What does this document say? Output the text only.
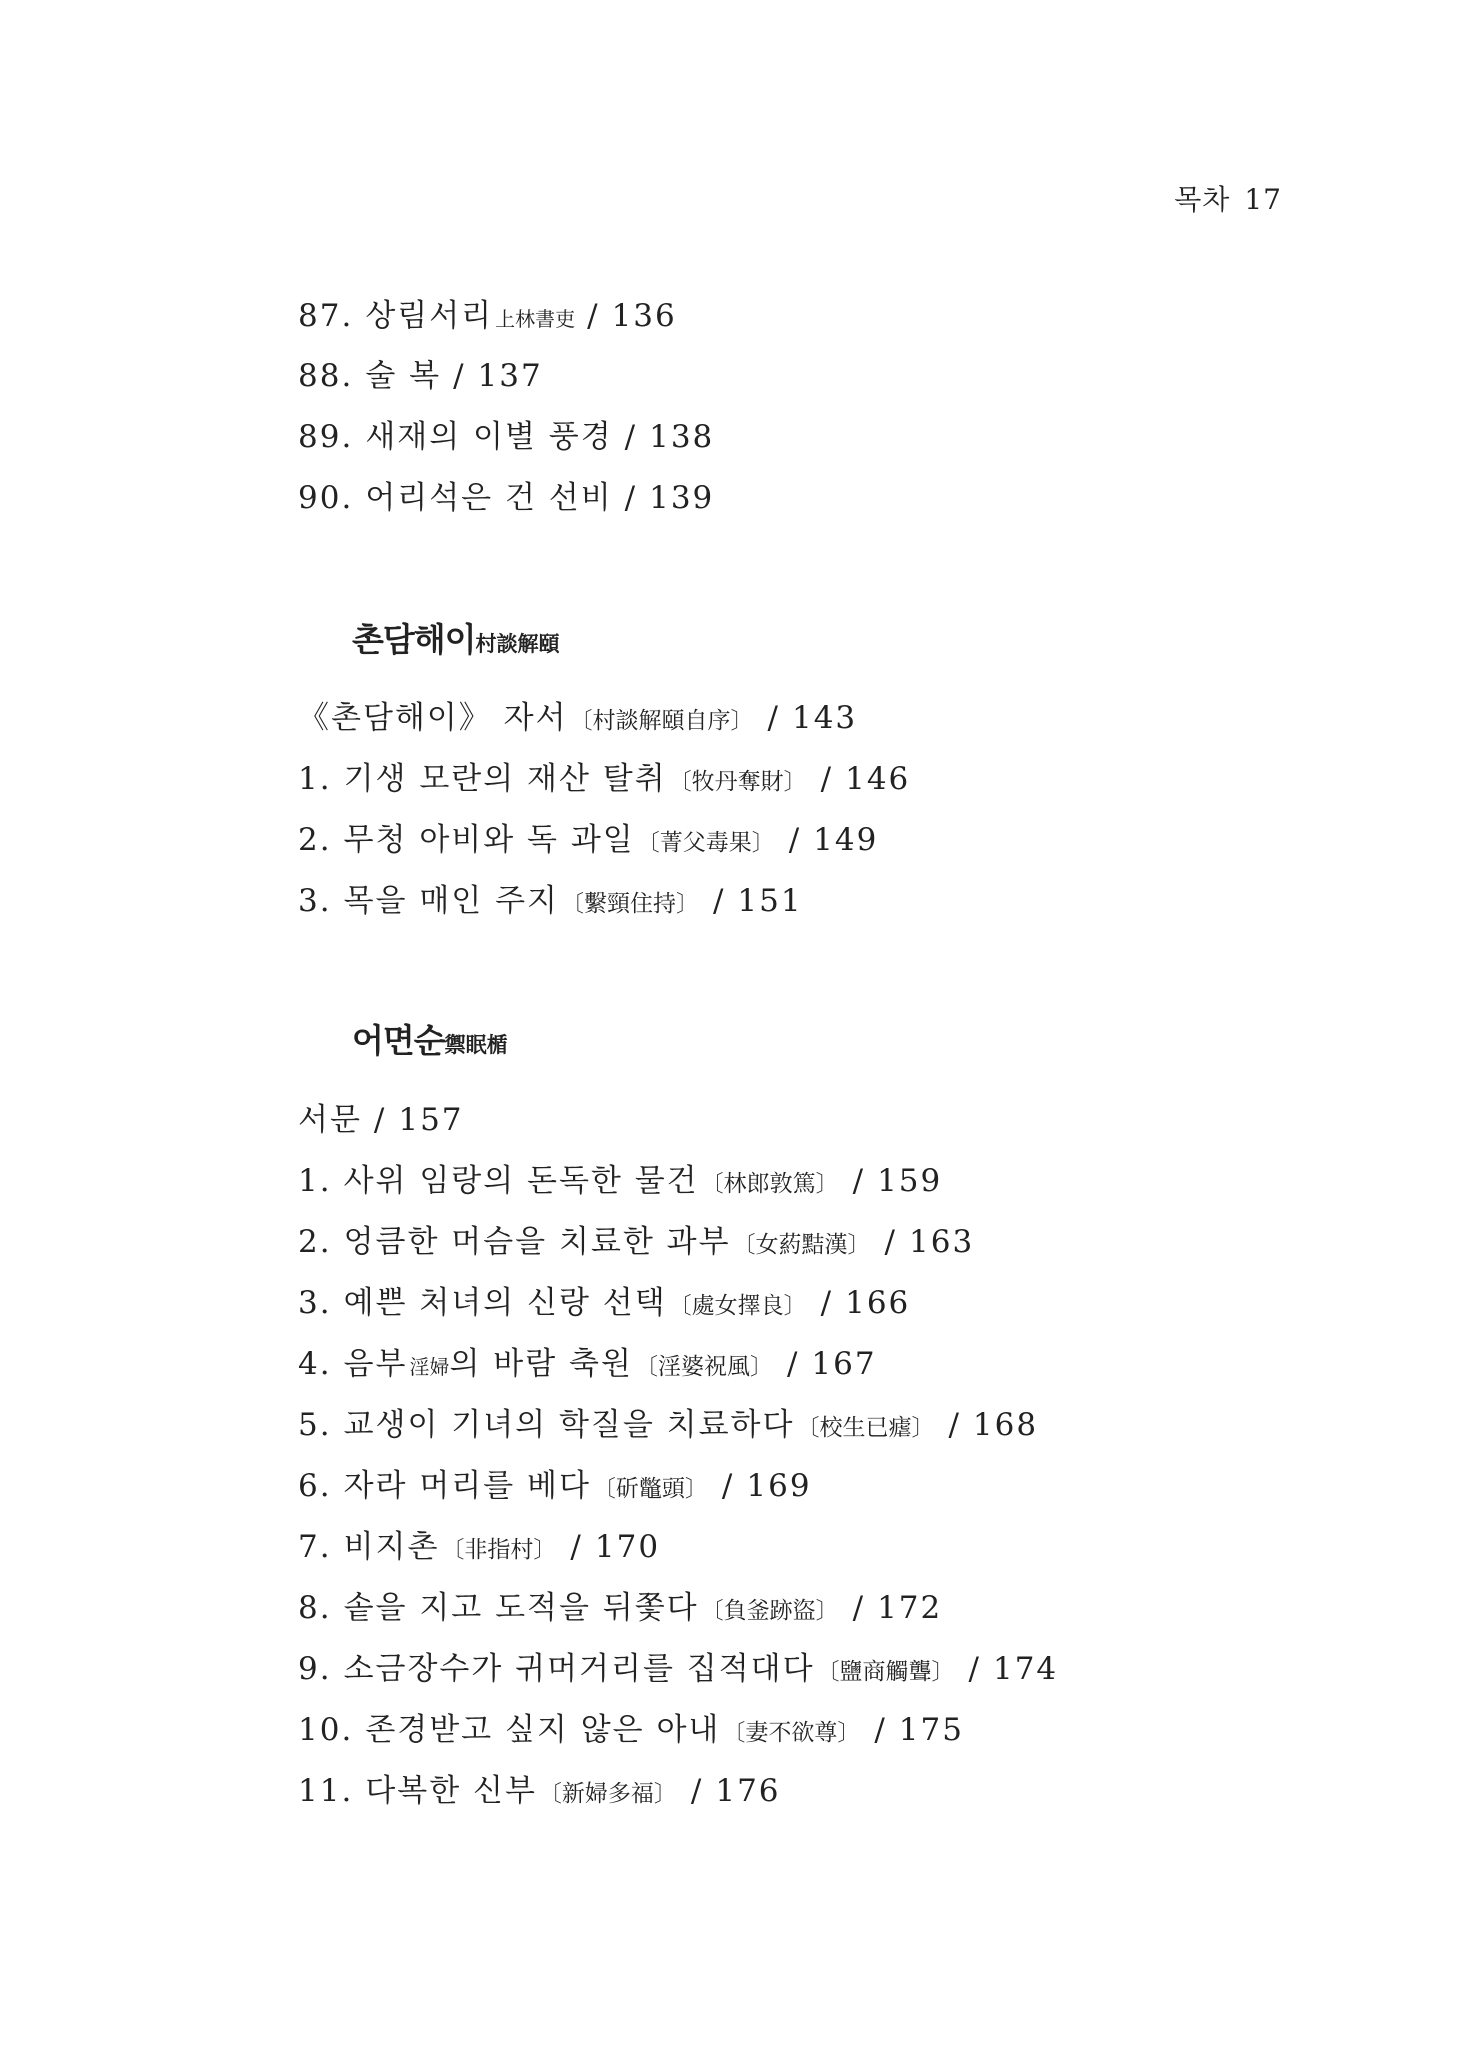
목차 17
87. 상림서리 上林書吏 / 136
88. 술 복 / 137
89. 새재의 이별 풍경 / 138
90. 어리석은 건 선비 / 139
촌담해이村談解頤
《촌담해이》 자서〔村談解頤自序〕 / 143
1. 기생 모란의 재산 탈취〔牧丹奪財〕 / 146
2. 무청 아비와 독 과일〔菁父毒果〕 / 149
3. 목을 매인 주지〔繫頸住持〕 / 151
어면순禦眠楯
서문 / 157
1. 사위 임랑의 돈독한 물건〔林郎敦篤〕 / 159
2. 엉큼한 머슴을 치료한 과부〔女葯黠漢〕 / 163
3. 예쁜 처녀의 신랑 선택〔處女擇良〕 / 166
4. 음부 淫婦의 바람 축원〔淫婆祝風〕 / 167
5. 교생이 기녀의 학질을 치료하다〔校生已瘧〕 / 168
6. 자라 머리를 베다〔斫鼈頭〕 / 169
7. 비지촌〔非指村〕 / 170
8. 솥을 지고 도적을 뒤쫓다〔負釜跡盜〕 / 172
9. 소금장수가 귀머거리를 집적대다〔鹽商觸聾〕 / 174
10. 존경받고 싶지 않은 아내〔妻不欲尊〕 / 175
11. 다복한 신부〔新婦多福〕 / 176
